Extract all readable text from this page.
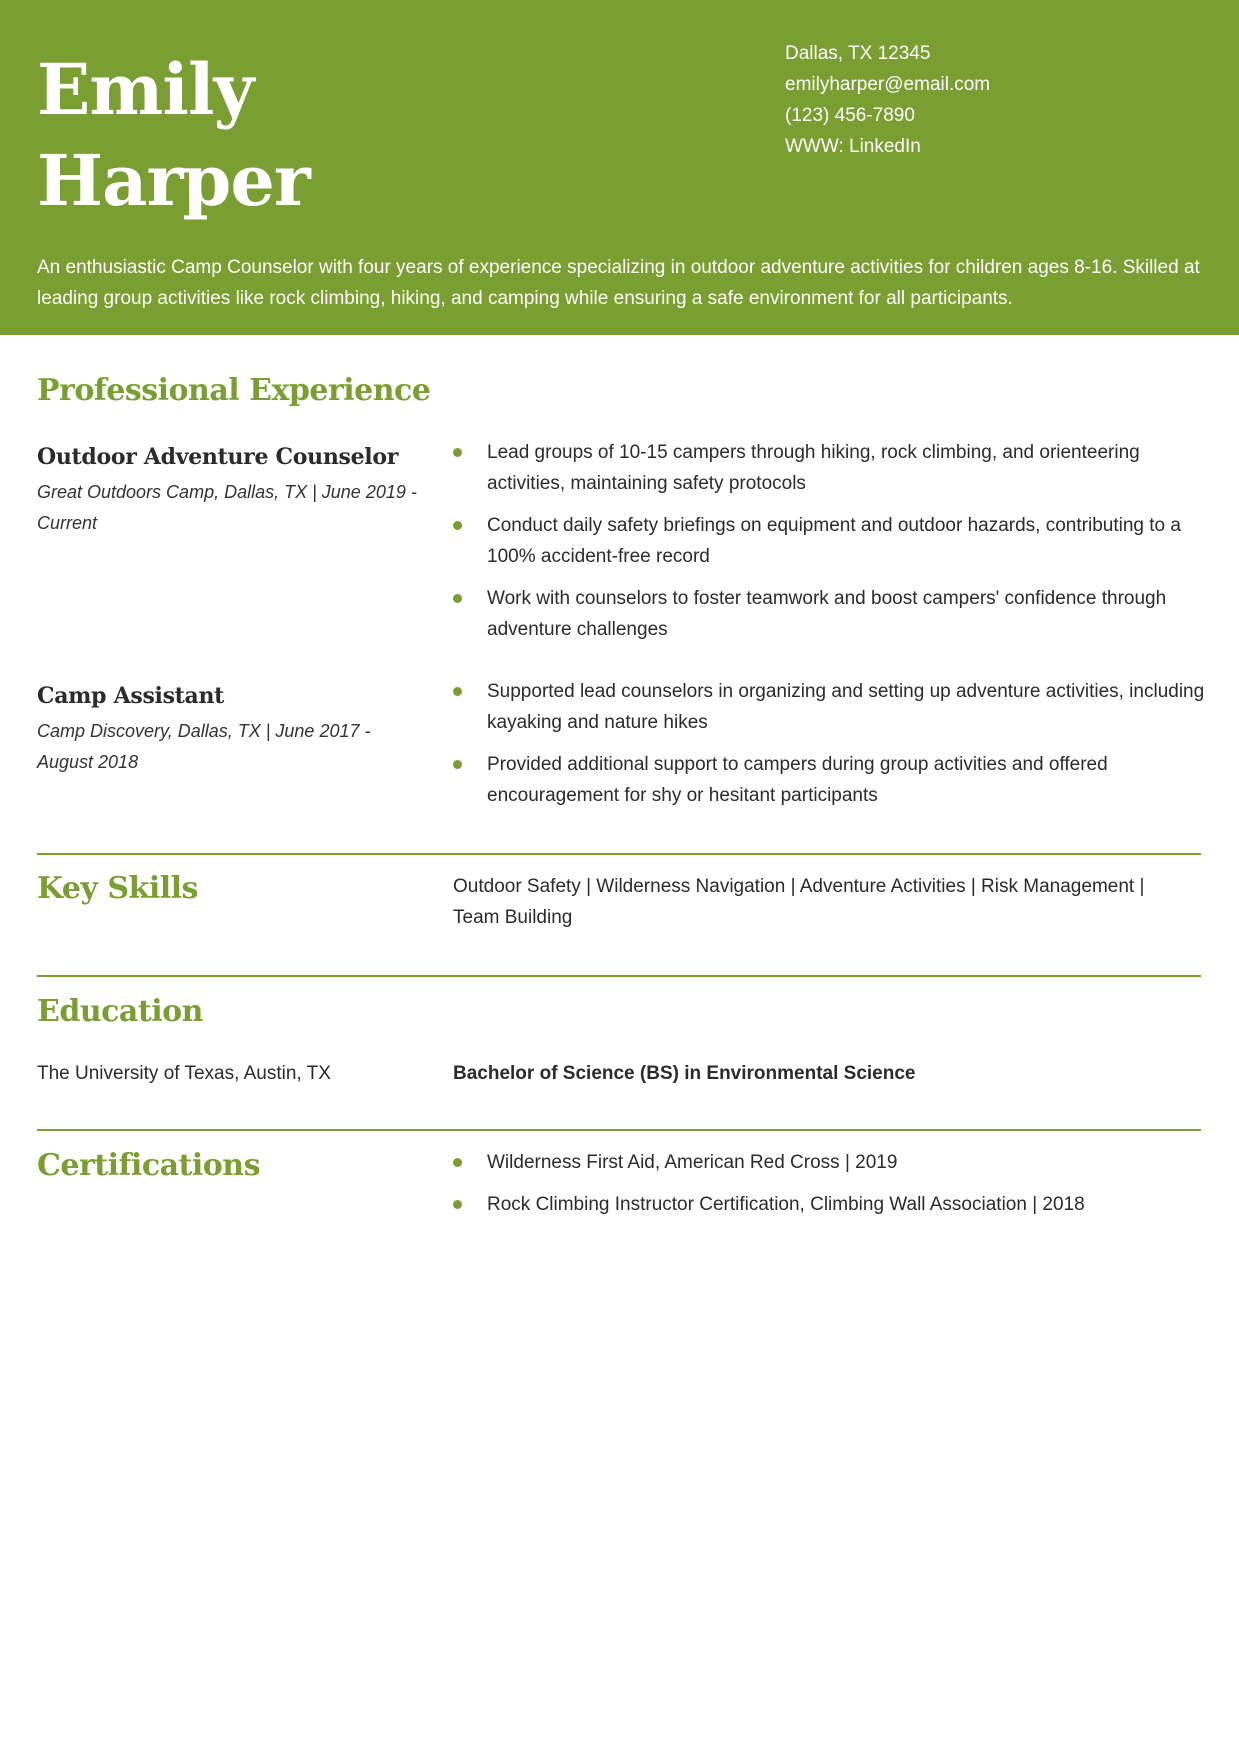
Emily
Harper
Dallas, TX 12345
emilyharper@email.com
(123) 456-7890
WWW: LinkedIn
An enthusiastic Camp Counselor with four years of experience specializing in outdoor adventure activities for children ages 8-16. Skilled at leading group activities like rock climbing, hiking, and camping while ensuring a safe environment for all participants.
Professional Experience
Outdoor Adventure Counselor
Great Outdoors Camp, Dallas, TX | June 2019 - Current
Lead groups of 10-15 campers through hiking, rock climbing, and orienteering activities, maintaining safety protocols
Conduct daily safety briefings on equipment and outdoor hazards, contributing to a 100% accident-free record
Work with counselors to foster teamwork and boost campers' confidence through adventure challenges
Camp Assistant
Camp Discovery, Dallas, TX | June 2017 - August 2018
Supported lead counselors in organizing and setting up adventure activities, including kayaking and nature hikes
Provided additional support to campers during group activities and offered encouragement for shy or hesitant participants
Key Skills	Outdoor Safety | Wilderness Navigation | Adventure Activities | Risk Management | Team Building
Education
The University of Texas, Austin, TX	Bachelor of Science (BS) in Environmental Science
Certifications	Wilderness First Aid, American Red Cross | 2019
Rock Climbing Instructor Certification, Climbing Wall Association | 2018
